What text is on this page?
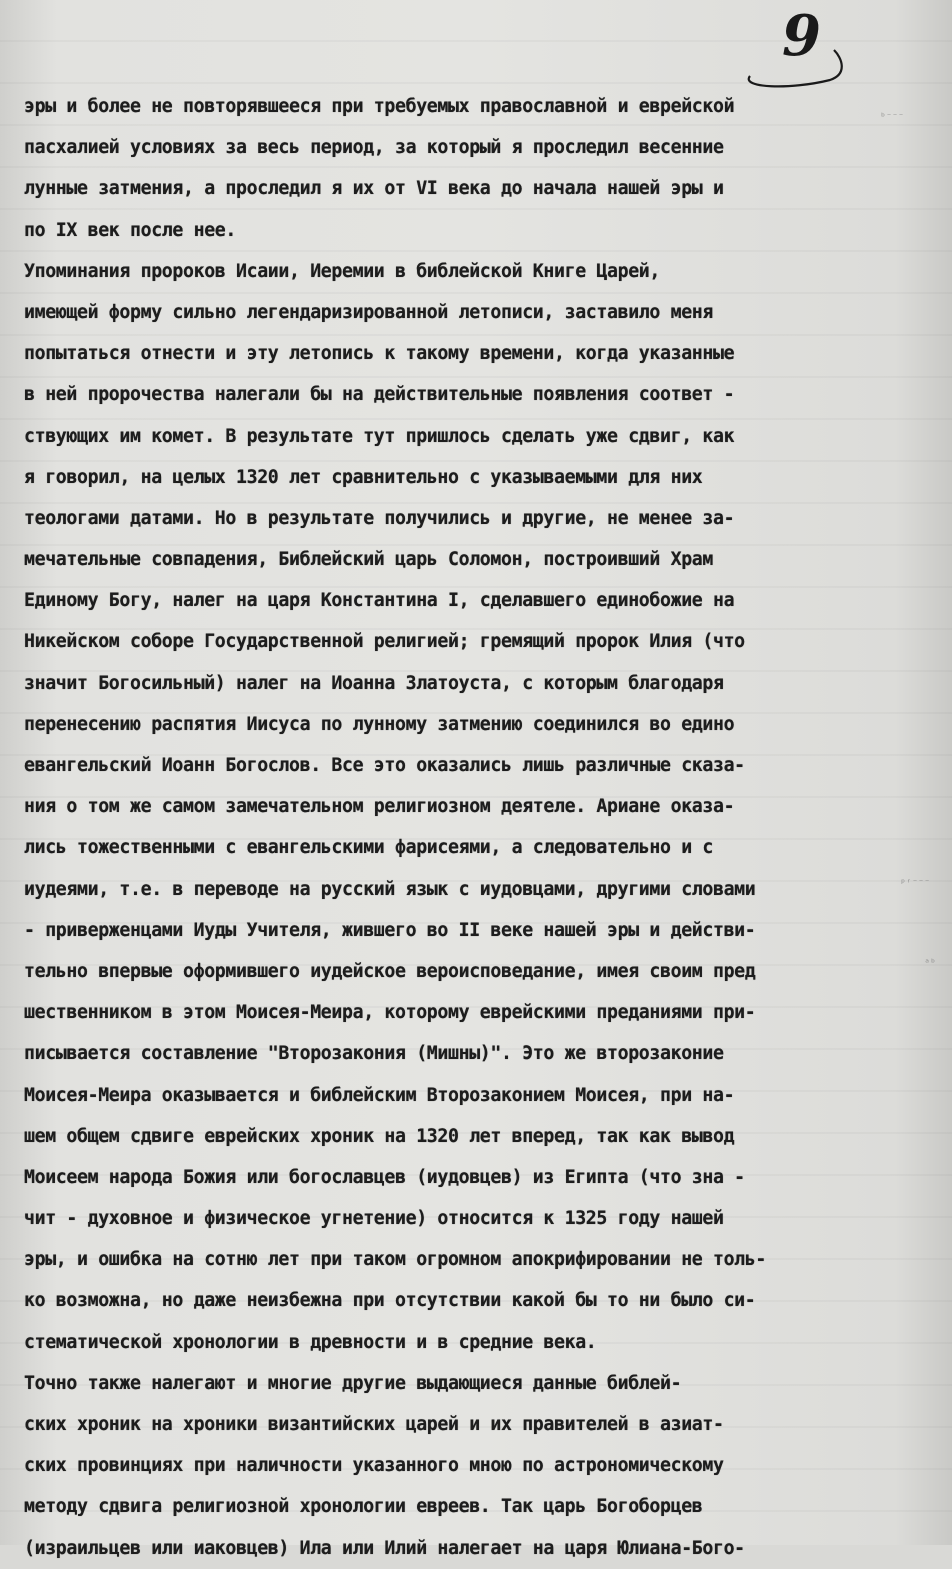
9
ᵇ⁻⁻⁻
ᵖʳ⁻⁻⁻
ᵃᵇ
эры и более не повторявшееся при требуемых православной и еврейской
пасхалией условиях за весь период, за который я проследил весенние
лунные затмения, а проследил я их от VI века до начала нашей эры и
по IX век после нее.
Упоминания пророков Исаии, Иеремии в библейской Книге Царей,
имеющей форму сильно легендаризированной летописи, заставило меня
попытаться отнести и эту летопись к такому времени, когда указанные
в ней пророчества налегали бы на действительные появления соответ -
ствующих им комет. В результате тут пришлось сделать уже сдвиг, как
я говорил, на целых 1320 лет сравнительно с указываемыми для них
теологами датами. Но в результате получились и другие, не менее за-
мечательные совпадения, Библейский царь Соломон, построивший Храм
Единому Богу, налег на царя Константина I, сделавшего единобожие на
Никейском соборе Государственной религией; гремящий пророк Илия (что
значит Богосильный) налег на Иоанна Златоуста, с которым благодаря
перенесению распятия Иисуса по лунному затмению соединился во едино
евангельский Иоанн Богослов. Все это оказались лишь различные сказа-
ния о том же самом замечательном религиозном деятеле. Ариане оказа-
лись тожественными с евангельскими фарисеями, а следовательно и с
иудеями, т.е. в переводе на русский язык с иудовцами, другими словами
- приверженцами Иуды Учителя, жившего во II веке нашей эры и действи-
тельно впервые оформившего иудейское вероисповедание, имея своим пред
шественником в этом Моисея-Меира, которому еврейскими преданиями при-
писывается составление "Второзакония (Мишны)". Это же второзаконие
Моисея-Меира оказывается и библейским Второзаконием Моисея, при на-
шем общем сдвиге еврейских хроник на 1320 лет вперед, так как вывод
Моисеем народа Божия или богославцев (иудовцев) из Египта (что зна -
чит - духовное и физическое угнетение) относится к 1325 году нашей
эры, и ошибка на сотню лет при таком огромном апокрифировании не толь-
ко возможна, но даже неизбежна при отсутствии какой бы то ни было си-
стематической хронологии в древности и в средние века.
Точно также налегают и многие другие выдающиеся данные библей-
ских хроник на хроники византийских царей и их правителей в азиат-
ских провинциях при наличности указанного мною по астрономическому
методу сдвига религиозной хронологии евреев. Так царь Богоборцев
(израильцев или иаковцев) Ила или Илий налегает на царя Юлиана-Бого-
